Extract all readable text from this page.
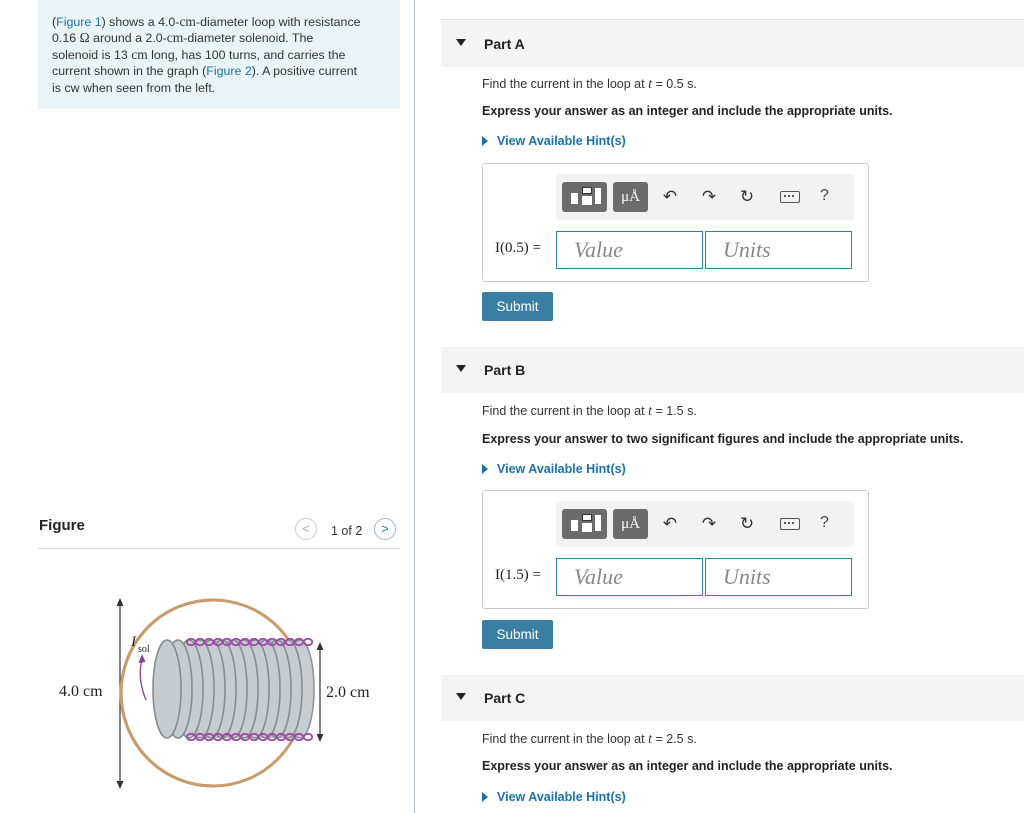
(Figure 1) shows a 4.0-cm-diameter loop with resistance
0.16 Ω around a 2.0-cm-diameter solenoid. The
solenoid is 13 cm long, has 100 turns, and carries the
current shown in the graph (Figure 2). A positive current
is cw when seen from the left.
Figure	<	1 of 2	>
4.0 cm	2.0 cm
I sol
Part A
Find the current in the loop at t = 0.5 s.
Express your answer as an integer and include the appropriate units.
View Available Hint(s)
μÅ	↶ ↷ ↻	?
I(0.5) =	Value	Units
Submit
Part B
Find the current in the loop at t = 1.5 s.
Express your answer to two significant figures and include the appropriate units.
View Available Hint(s)
μÅ	↶ ↷ ↻	?
I(1.5) =	Value	Units
Submit
Part C
Find the current in the loop at t = 2.5 s.
Express your answer as an integer and include the appropriate units.
View Available Hint(s)
